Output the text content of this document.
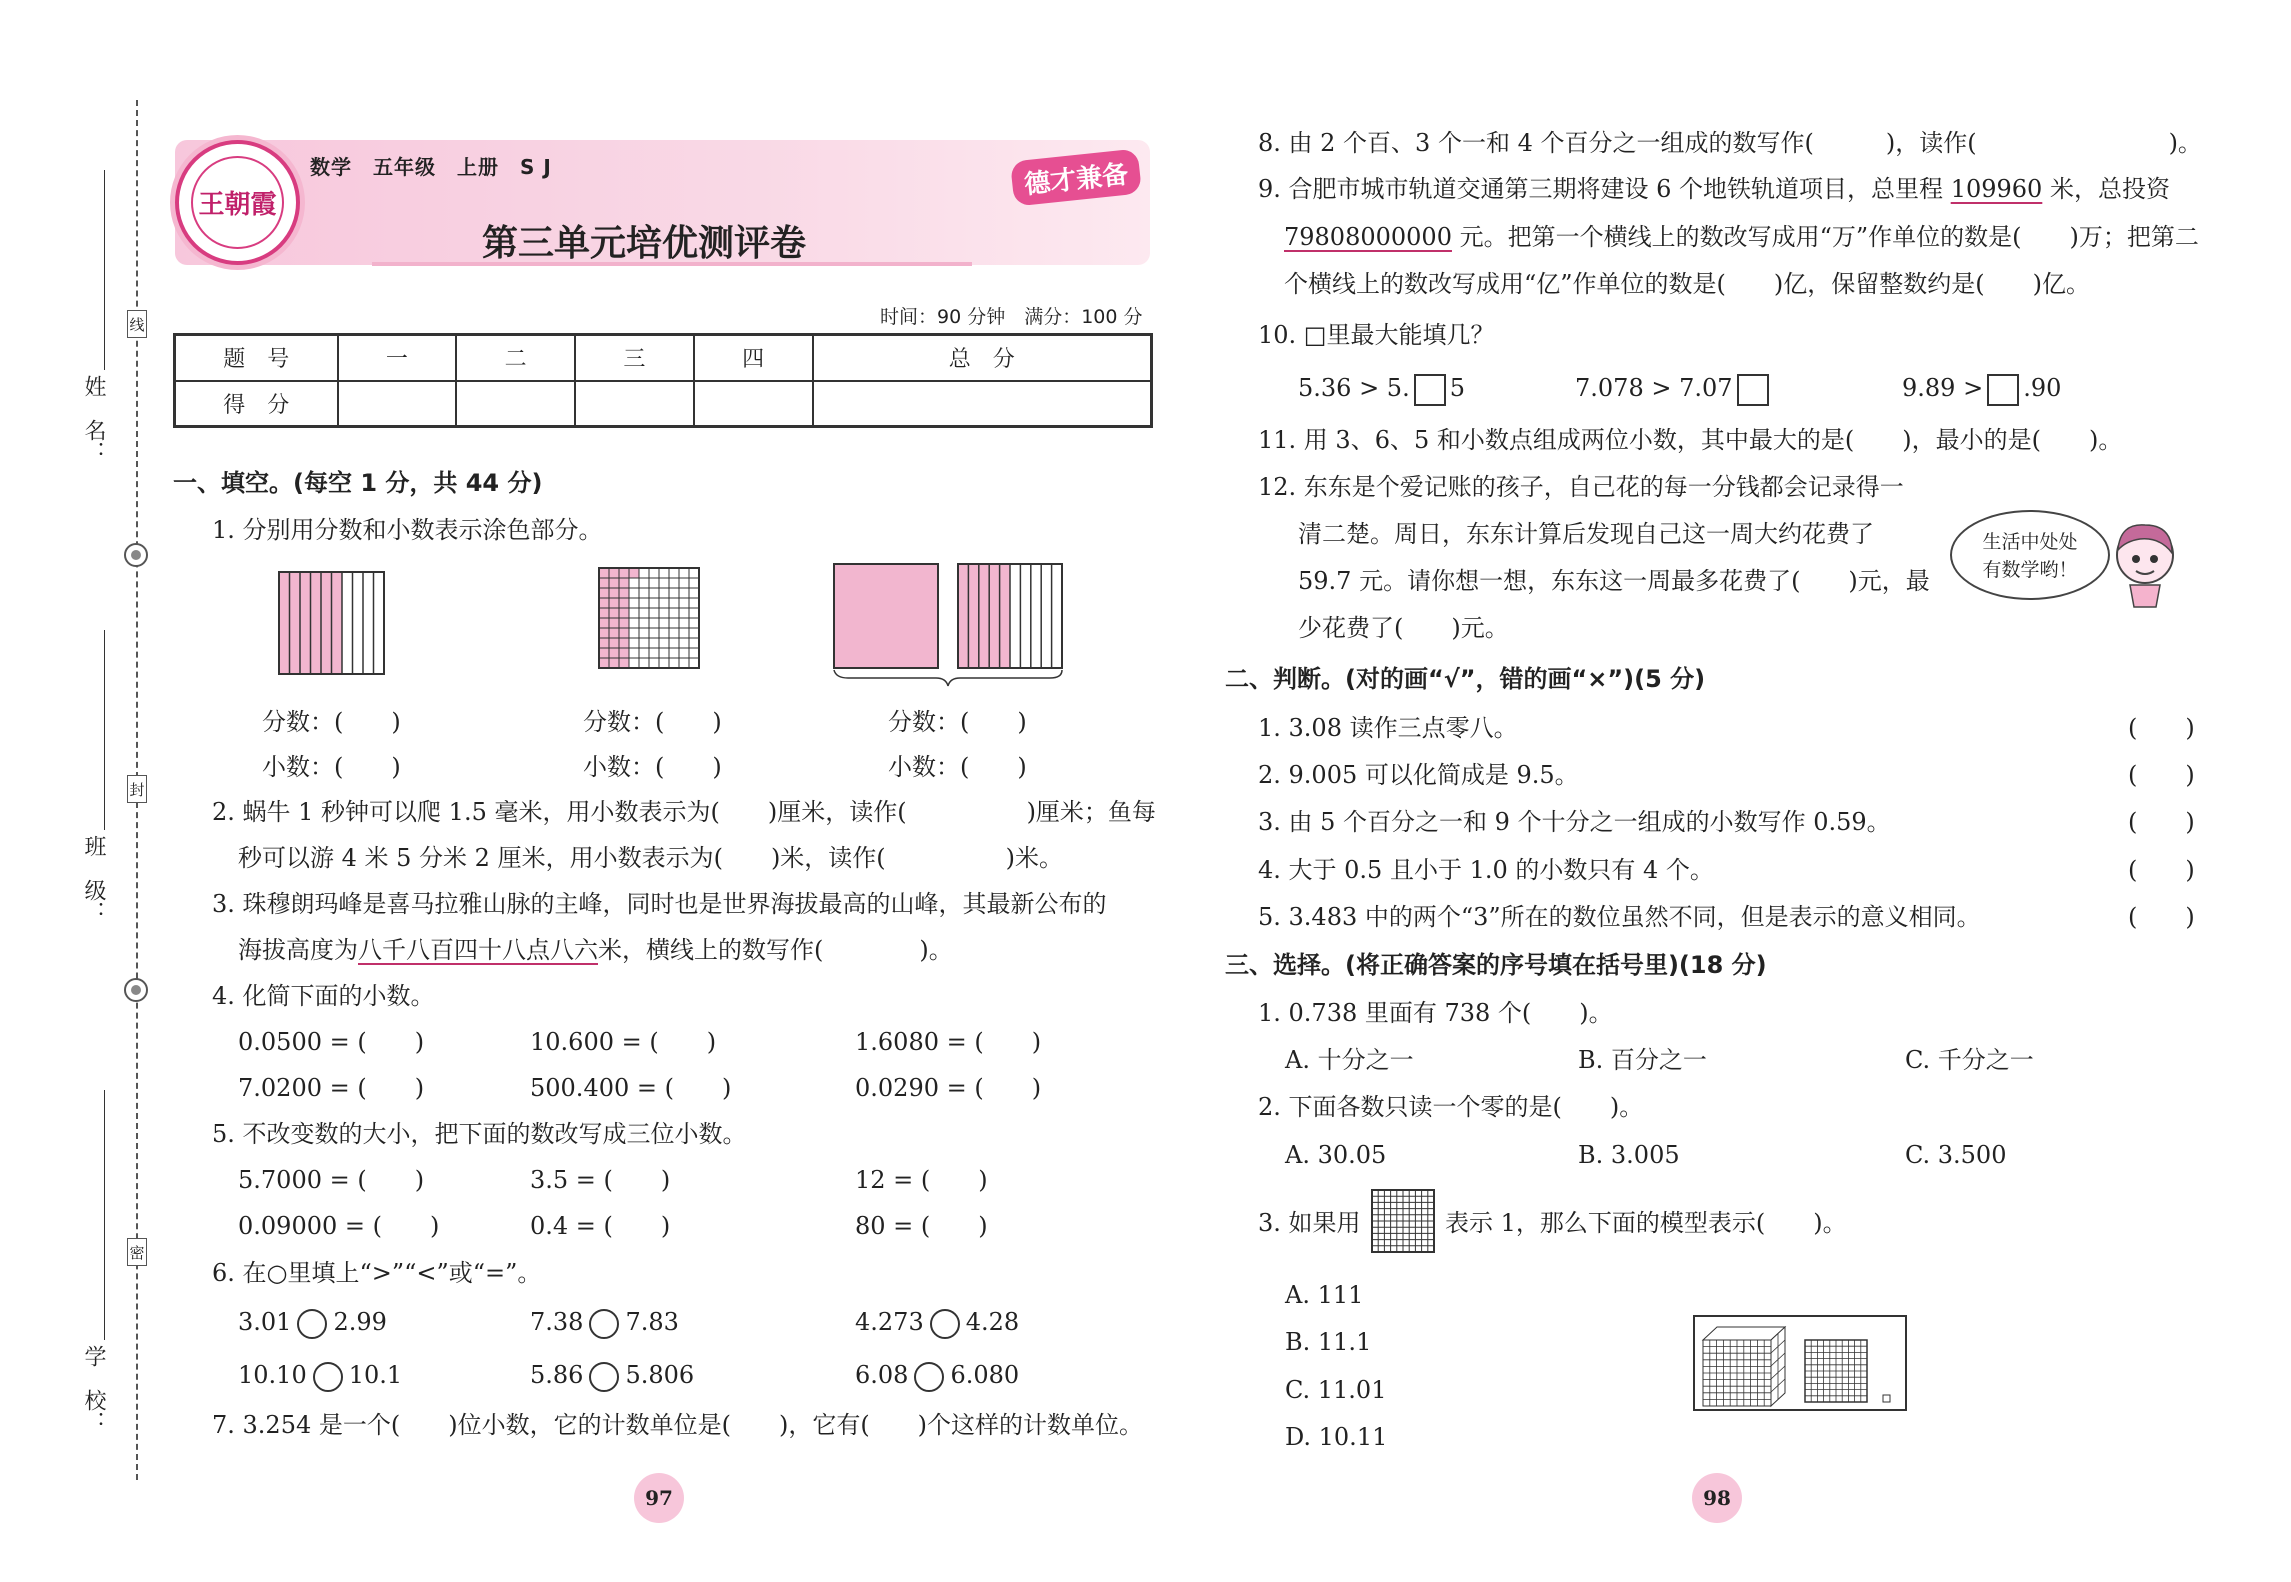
姓　名：
班　级：
学　校：
线
封
密
王朝霞
数学　五年级　上册　S J	德才兼备
第三单元培优测评卷
时间：90 分钟　满分：100 分
题　号	一	二	三	四	总　分
得　分					
一、填空。(每空 1 分，共 44 分)
1. 分别用分数和小数表示涂色部分。
分数：(　　)
小数：(　　)
分数：(　　)
小数：(　　)
分数：(　　)
小数：(　　)
2. 蜗牛 1 秒钟可以爬 1.5 毫米，用小数表示为(　　)厘米，读作(　　　　　)厘米；鱼每
秒可以游 4 米 5 分米 2 厘米，用小数表示为(　　)米，读作(　　　　　)米。
3. 珠穆朗玛峰是喜马拉雅山脉的主峰，同时也是世界海拔最高的山峰，其最新公布的
海拔高度为八千八百四十八点八六米，横线上的数写作(　　　　)。
4. 化简下面的小数。
0.0500 = (　　)	10.600 = (　　)	1.6080 = (　　)
7.0200 = (　　)	500.400 = (　　)	0.0290 = (　　)
5. 不改变数的大小，把下面的数改写成三位小数。
5.7000 = (　　)	3.5 = (　　)	12 = (　　)
0.09000 = (　　)	0.4 = (　　)	80 = (　　)
6. 在○里填上“>”“<”或“=”。
3.01 2.99	7.38 7.83	4.273 4.28
10.10 10.1	5.86 5.806	6.08 6.080
7. 3.254 是一个(　　)位小数，它的计数单位是(　　)，它有(　　)个这样的计数单位。
97
8. 由 2 个百、3 个一和 4 个百分之一组成的数写作(　　　)，读作(　　　　　　　　)。
9. 合肥市城市轨道交通第三期将建设 6 个地铁轨道项目，总里程 109960 米，总投资
79808000000 元。把第一个横线上的数改写成用“万”作单位的数是(　　)万；把第二
个横线上的数改写成用“亿”作单位的数是(　　)亿，保留整数约是(　　)亿。
10. □里最大能填几？
5.36 > 5. 5	7.078 > 7.07	9.89 > .90
11. 用 3、6、5 和小数点组成两位小数，其中最大的是(　　)，最小的是(　　)。
12. 东东是个爱记账的孩子，自己花的每一分钱都会记录得一
清二楚。周日，东东计算后发现自己这一周大约花费了
59.7 元。请你想一想，东东这一周最多花费了(　　)元，最
少花费了(　　)元。
生活中处处
有数学哟！
二、判断。(对的画“√”，错的画“×”)(5 分)
1. 3.08 读作三点零八。	(　　)
2. 9.005 可以化简成是 9.5。	(　　)
3. 由 5 个百分之一和 9 个十分之一组成的小数写作 0.59。	(　　)
4. 大于 0.5 且小于 1.0 的小数只有 4 个。	(　　)
5. 3.483 中的两个“3”所在的数位虽然不同，但是表示的意义相同。	(　　)
三、选择。(将正确答案的序号填在括号里)(18 分)
1. 0.738 里面有 738 个(　　)。
A. 十分之一	B. 百分之一	C. 千分之一
2. 下面各数只读一个零的是(　　)。
A. 30.05	B. 3.005	C. 3.500
3. 如果用	表示 1，那么下面的模型表示(　　)。
A. 111
B. 11.1
C. 11.01
D. 10.11
98
